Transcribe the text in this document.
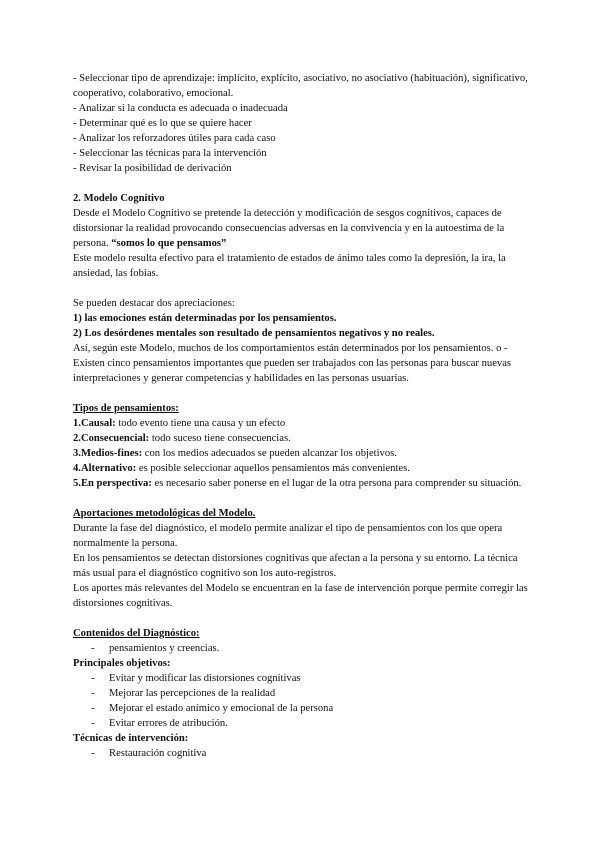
- Seleccionar tipo de aprendizaje: implícito, explícito, asociativo, no asociativo (habituación), significativo, cooperativo, colaborativo, emocional.

- Analizar si la conducta es adecuada o inadecuada

- Determinar qué es lo que se quiere hacer

- Analizar los reforzadores útiles para cada caso

- Seleccionar las técnicas para la intervención

- Revisar la posibilidad de derivación

2. Modelo Cognitivo

Desde el Modelo Cognitivo se pretende la detección y modificación de sesgos cognitivos, capaces de distorsionar la realidad provocando consecuencias adversas en la convivencia y en la autoestima de la persona. “somos lo que pensamos”

Este modelo resulta efectivo para el tratamiento de estados de ánimo tales como la depresión, la ira, la ansiedad, las fobias.

Se pueden destacar dos apreciaciones:

1) las emociones están determinadas por los pensamientos.

2) Los desórdenes mentales son resultado de pensamientos negativos y no reales.

Así, según este Modelo, muchos de los comportamientos están determinados por los pensamientos. o - Existen cinco pensamientos importantes que pueden ser trabajados con las personas para buscar nuevas interpretaciones y generar competencias y habilidades en las personas usuarias.

Tipos de pensamientos:

1.Causal: todo evento tiene una causa y un efecto

2.Consecuencial: todo suceso tiene consecuencias.

3.Medios-fines: con los medios adecuados se pueden alcanzar los objetivos.

4.Alternativo: es posible seleccionar aquellos pensamientos más convenientes.

5.En perspectiva: es necesario saber ponerse en el lugar de la otra persona para comprender su situación.

Aportaciones metodológicas del Modelo.

Durante la fase del diagnóstico, el modelo permite analizar el tipo de pensamientos con los que opera normalmente la persona.

En los pensamientos se detectan distorsiones cognitivas que afectan a la persona y su entorno. La técnica más usual para el diagnóstico cognitivo son los auto-registros.

Los aportes más relevantes del Modelo se encuentran en la fase de intervención porque permite corregir las distorsiones cognitivas.

Contenidos del Diagnóstico:

- pensamientos y creencias.

Principales objetivos:

- Evitar y modificar las distorsiones cognitivas
- Mejorar las percepciones de la realidad
- Mejorar el estado anímico y emocional de la persona
- Evitar errores de atribución.

Técnicas de intervención:

- Restauración cognitiva
